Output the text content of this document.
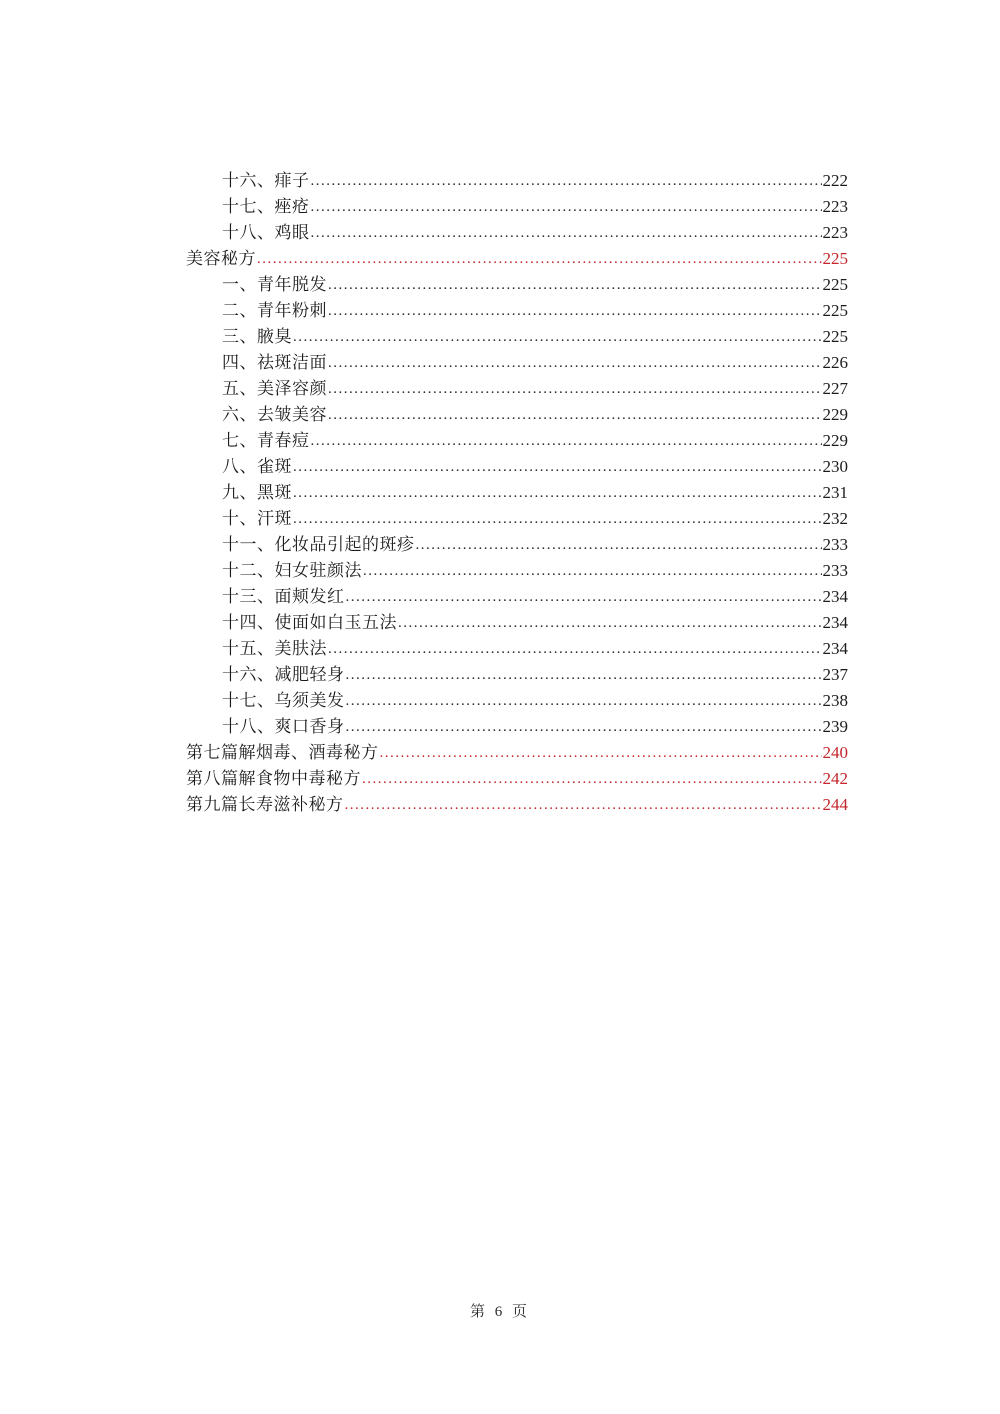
十六、痱子 .....	222
十七、痤疮 .....	223
十八、鸡眼 .....	223
美容秘方 .....	225
一、青年脱发 .....	225
二、青年粉刺 .....	225
三、腋臭 .....	225
四、祛斑洁面 .....	226
五、美泽容颜 .....	227
六、去皱美容 .....	229
七、青春痘 .....	229
八、雀斑 .....	230
九、黑斑 .....	231
十、汗斑 .....	232
十一、化妆品引起的斑疹 .....	233
十二、妇女驻颜法 .....	233
十三、面颊发红 .....	234
十四、使面如白玉五法 .....	234
十五、美肤法 .....	234
十六、减肥轻身 .....	237
十七、乌须美发 .....	238
十八、爽口香身 .....	239
第七篇解烟毒、酒毒秘方 .....	240
第八篇解食物中毒秘方 .....	242
第九篇长寿滋补秘方 .....	244
第 6 页
